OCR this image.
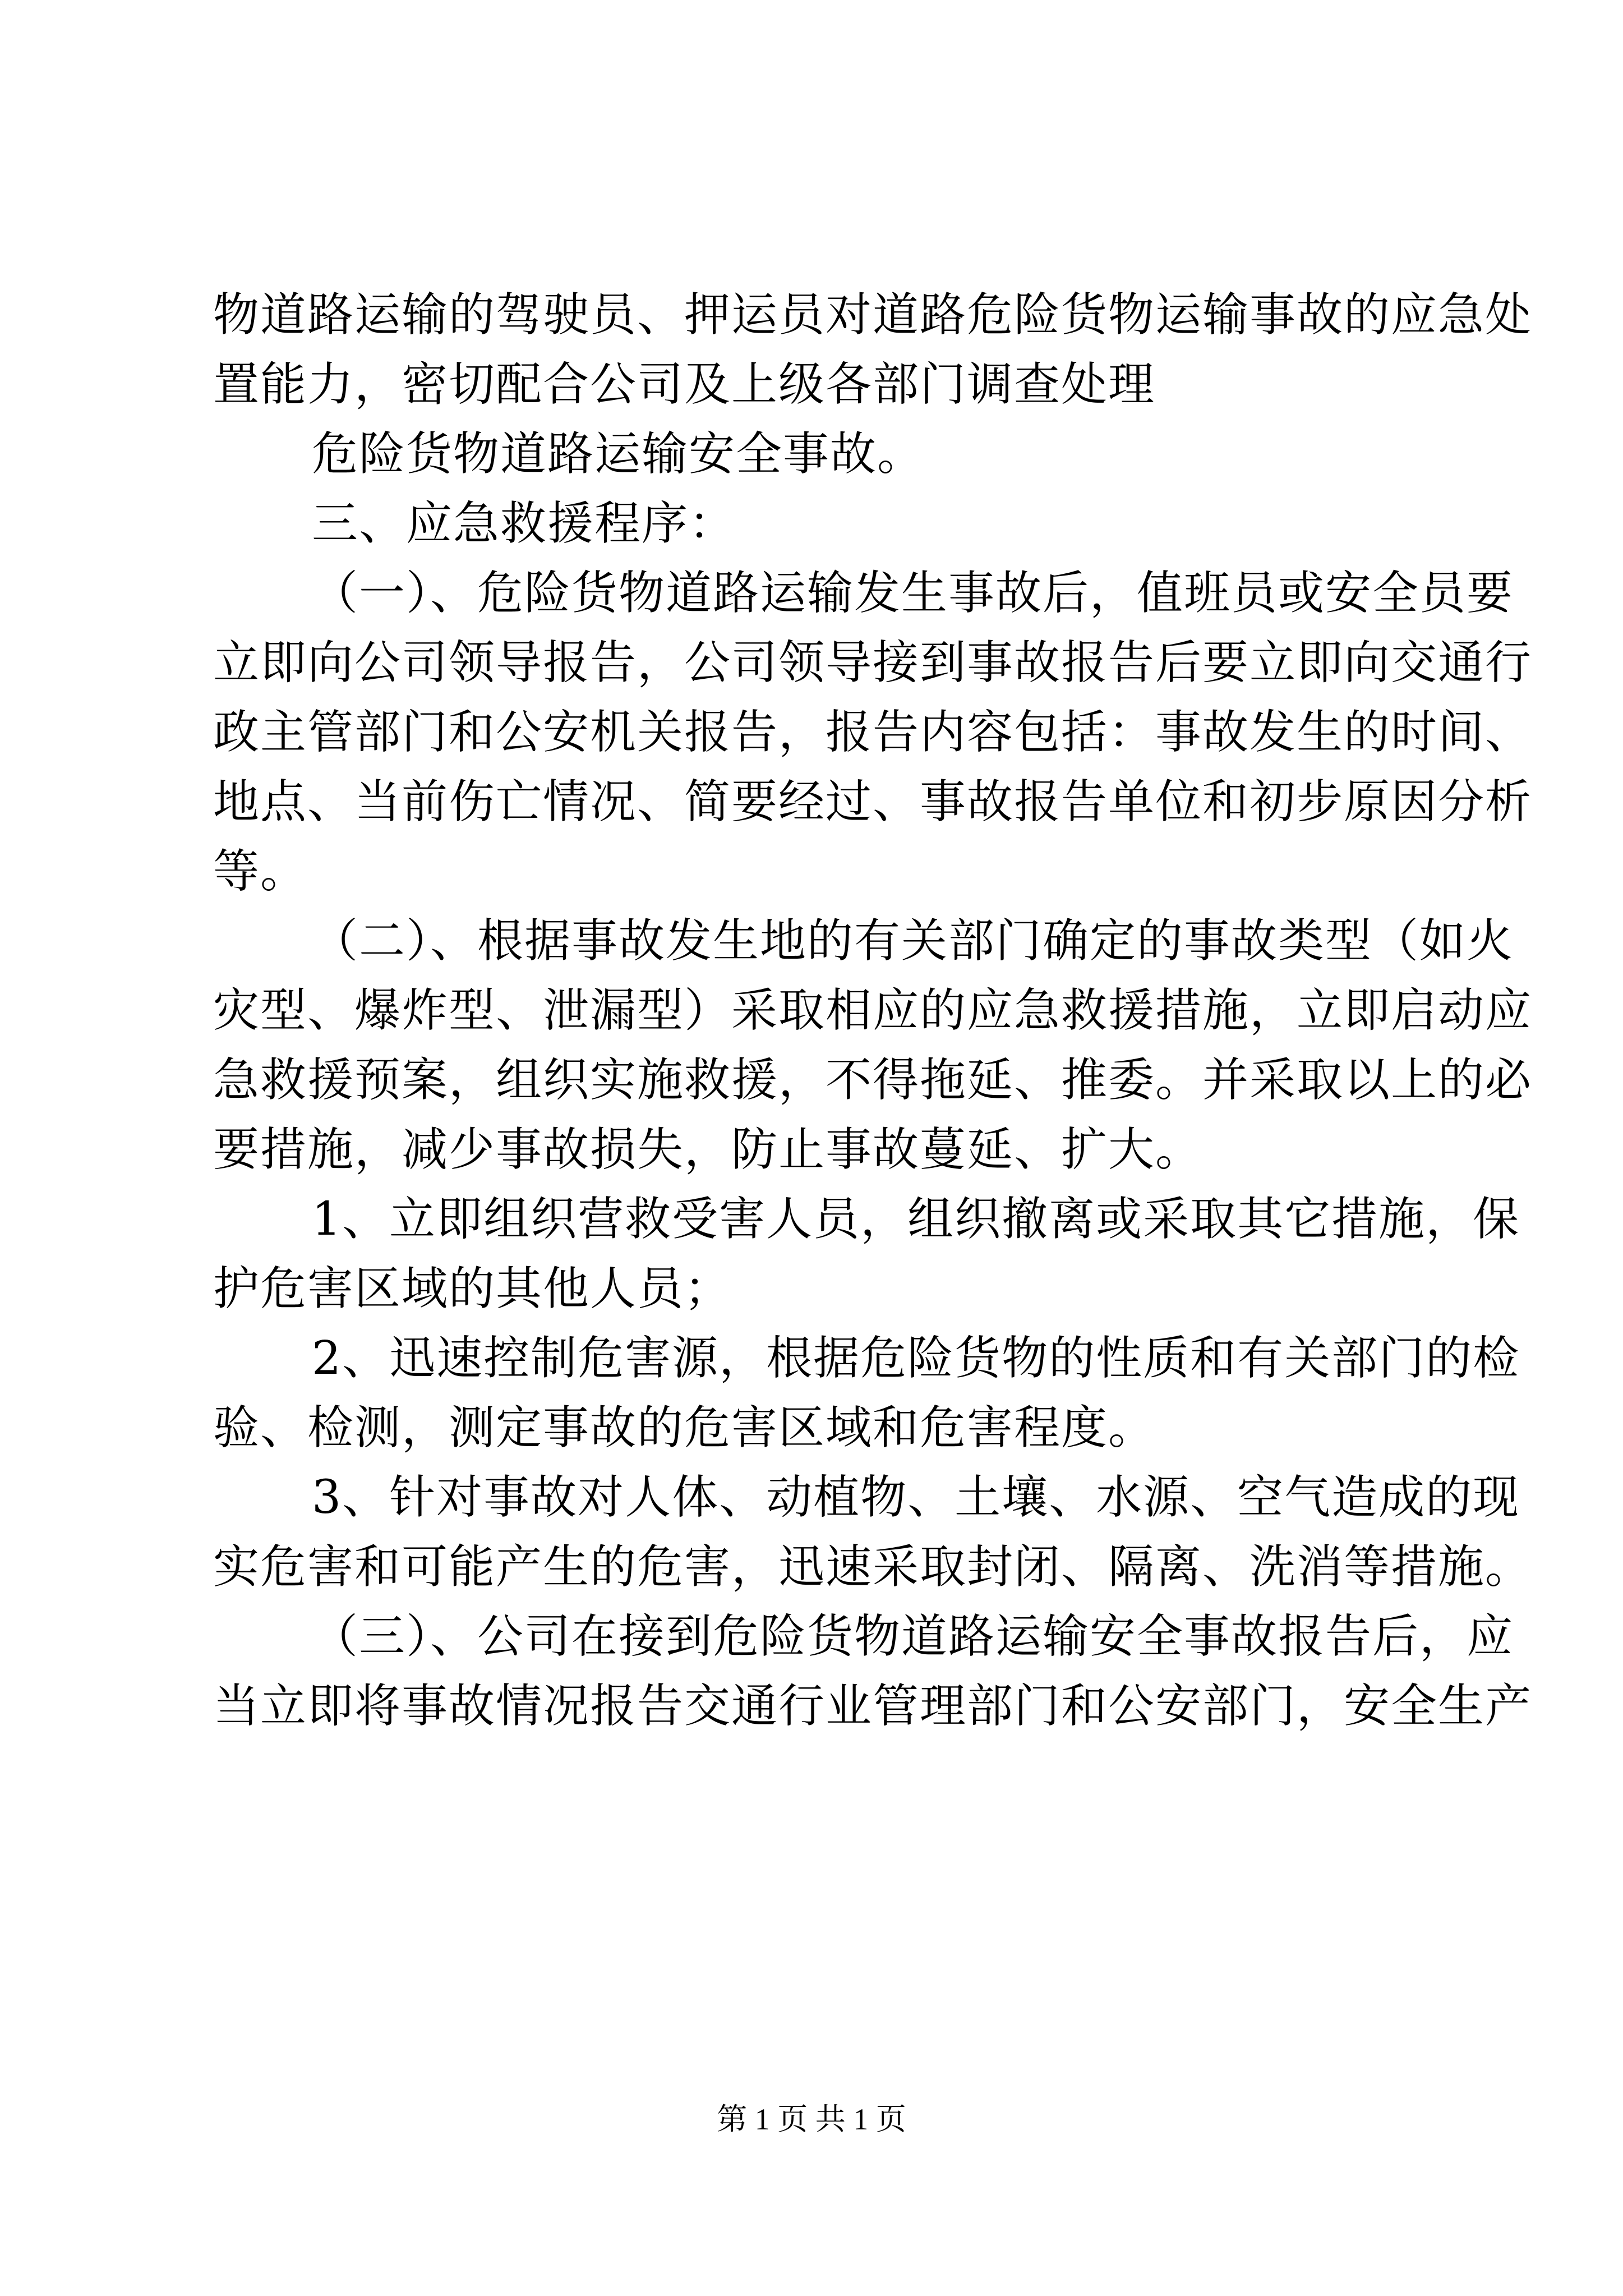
物道路运输的驾驶员、押运员对道路危险货物运输事故的应急处
置能力，密切配合公司及上级各部门调查处理
危险货物道路运输安全事故。
三、应急救援程序：
（一）、危险货物道路运输发生事故后，值班员或安全员要
立即向公司领导报告，公司领导接到事故报告后要立即向交通行
政主管部门和公安机关报告，报告内容包括：事故发生的时间、
地点、当前伤亡情况、简要经过、事故报告单位和初步原因分析
等。
（二）、根据事故发生地的有关部门确定的事故类型（如火
灾型、爆炸型、泄漏型）采取相应的应急救援措施，立即启动应
急救援预案，组织实施救援，不得拖延、推委。并采取以上的必
要措施，减少事故损失，防止事故蔓延、扩大。
1、立即组织营救受害人员，组织撤离或采取其它措施，保
护危害区域的其他人员；
2、迅速控制危害源，根据危险货物的性质和有关部门的检
验、检测，测定事故的危害区域和危害程度。
3、针对事故对人体、动植物、土壤、水源、空气造成的现
实危害和可能产生的危害，迅速采取封闭、隔离、洗消等措施。
（三）、公司在接到危险货物道路运输安全事故报告后，应
当立即将事故情况报告交通行业管理部门和公安部门，安全生产
第 1 页 共 1 页
